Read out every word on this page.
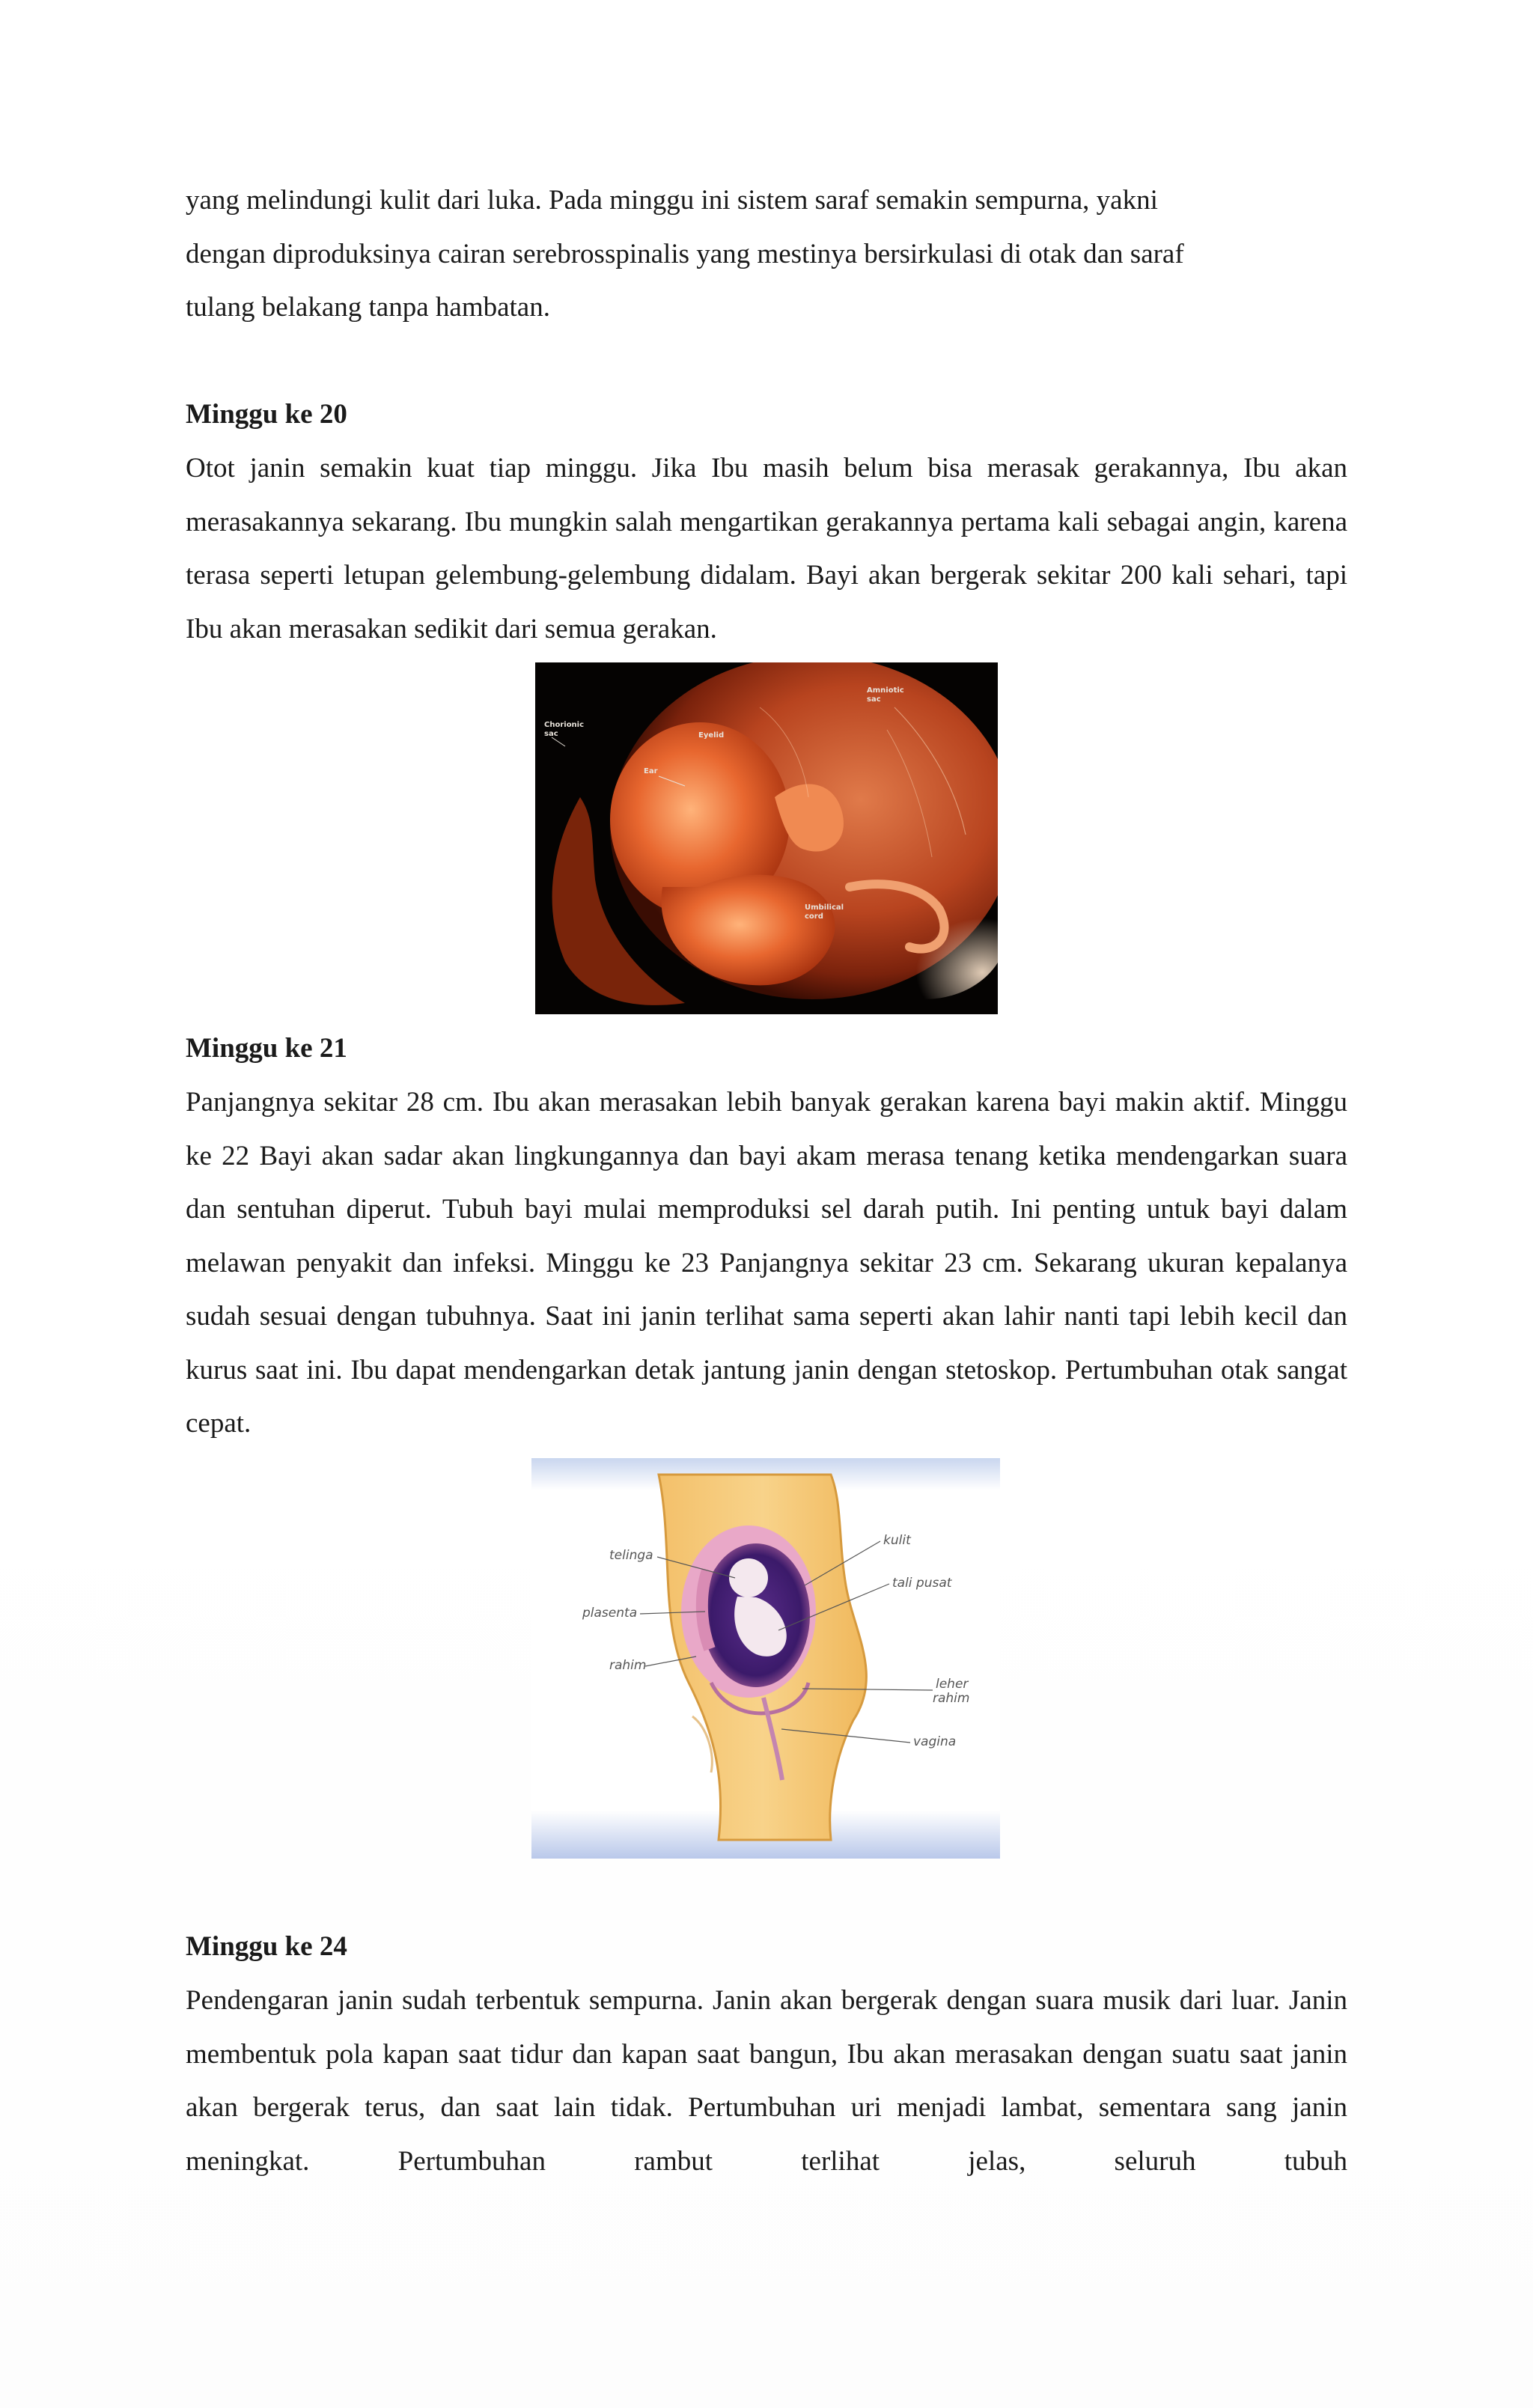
yang melindungi kulit dari luka. Pada minggu ini sistem saraf semakin sempurna, yakni
dengan diproduksinya cairan serebrosspinalis yang mestinya bersirkulasi di otak dan saraf
tulang belakang tanpa hambatan.
Minggu ke 20
Otot janin semakin kuat tiap minggu. Jika Ibu masih belum bisa merasak gerakannya, Ibu akan merasakannya sekarang. Ibu mungkin salah mengartikan gerakannya pertama kali sebagai angin, karena terasa seperti letupan gelembung-gelembung didalam. Bayi akan bergerak sekitar 200 kali sehari, tapi Ibu akan merasakan sedikit dari semua gerakan.
Chorionic
sac
Amniotic
sac
Eyelid
Ear
Umbilical
cord
Minggu ke 21
Panjangnya sekitar 28 cm. Ibu akan merasakan lebih banyak gerakan karena bayi makin aktif. Minggu ke 22 Bayi akan sadar akan lingkungannya dan bayi akam merasa tenang ketika mendengarkan suara dan sentuhan diperut. Tubuh bayi mulai memproduksi sel darah putih. Ini penting untuk bayi dalam melawan penyakit dan infeksi. Minggu ke 23 Panjangnya sekitar 23 cm. Sekarang ukuran kepalanya sudah sesuai dengan tubuhnya. Saat ini janin terlihat sama seperti akan lahir nanti tapi lebih kecil dan kurus saat ini. Ibu dapat mendengarkan detak jantung janin dengan stetoskop. Pertumbuhan otak sangat cepat.
telinga
plasenta
rahim
kulit
tali pusat
leher
rahim
vagina
Minggu ke 24
Pendengaran janin sudah terbentuk sempurna. Janin akan bergerak dengan suara musik dari luar. Janin membentuk pola kapan saat tidur dan kapan saat bangun, Ibu akan merasakan dengan suatu saat janin akan bergerak terus, dan saat lain tidak. Pertumbuhan uri menjadi lambat, sementara sang janin meningkat. Pertumbuhan rambut terlihat jelas, seluruh tubuh
